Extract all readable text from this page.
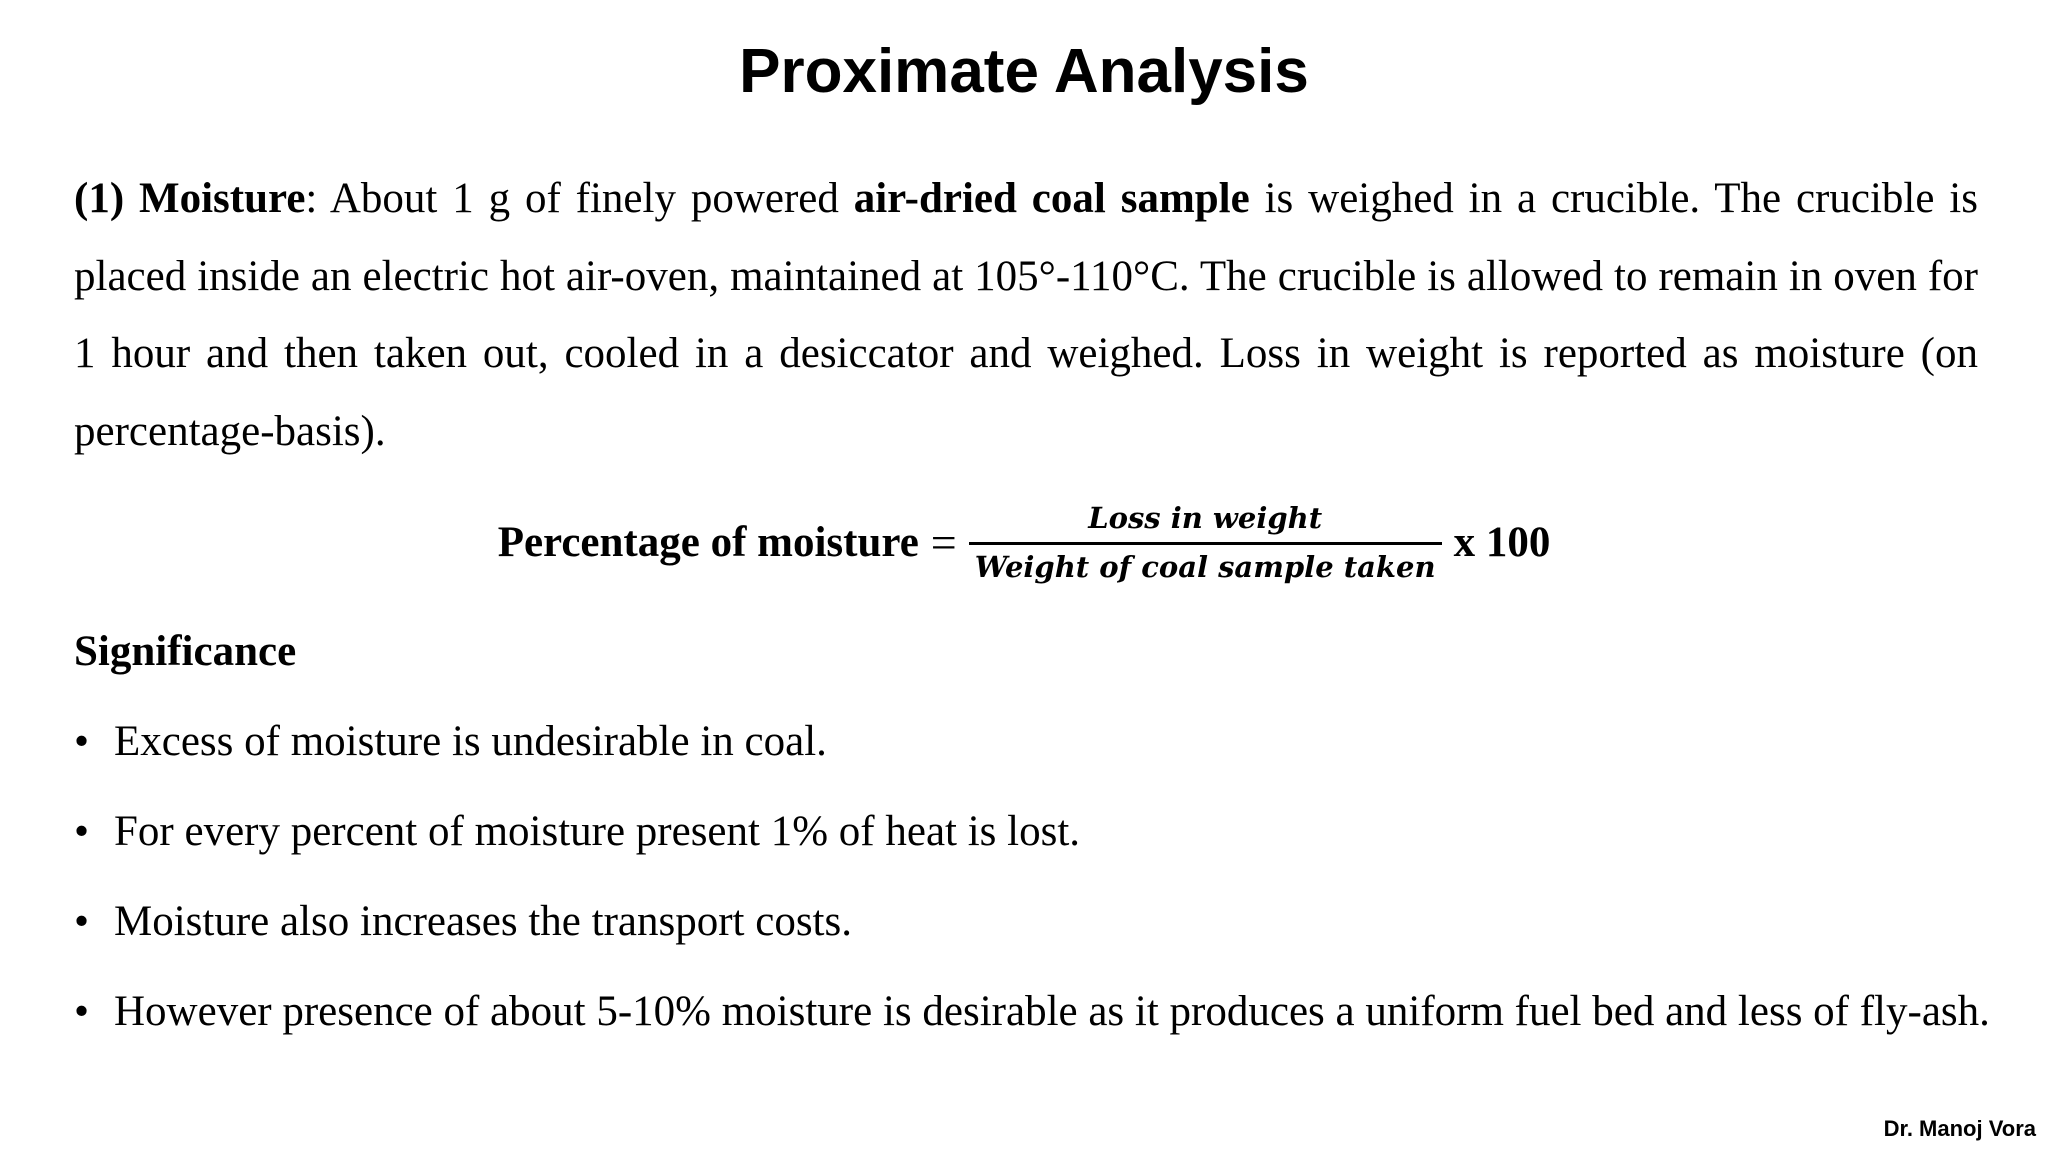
Proximate Analysis

(1) Moisture: About 1 g of finely powered air-dried coal sample is weighed in a crucible. The crucible is placed inside an electric hot air-oven, maintained at 105°-110°C. The crucible is allowed to remain in oven for 1 hour and then taken out, cooled in a desiccator and weighed. Loss in weight is reported as moisture (on percentage-basis).

Percentage of moisture = $\frac{\text{Loss in weight}}{\text{Weight of coal sample taken}}$ x 100
Significance
• Excess of moisture is undesirable in coal.
• For every percent of moisture present 1% of heat is lost.
• Moisture also increases the transport costs.
• However presence of about 5-10% moisture is desirable as it produces a uniform fuel bed and less of fly-ash.
Dr. Manoj Vora
